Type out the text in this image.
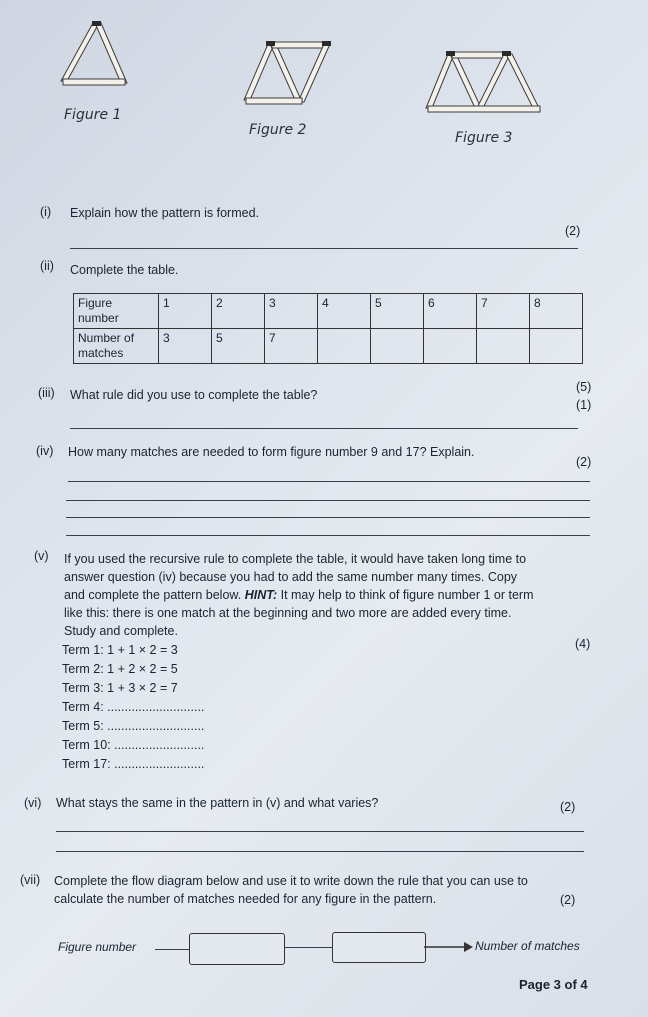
Figure 1
Figure 2	Figure 3
(i) Explain how the pattern is formed.
(2)
(ii) Complete the table.
Figure
number	1	2	3	4	5	6	7	8

Number of
matches	3	5	7					
(5)
(iii) What rule did you use to complete the table?
(1)
(iv) How many matches are needed to form figure number 9 and 17? Explain.
(2)
(v) If you used the recursive rule to complete the table, it would have taken long time to
answer question (iv) because you had to add the same number many times. Copy
and complete the pattern below. HINT: It may help to think of figure number 1 or term
like this: there is one match at the beginning and two more are added every time.
Study and complete.
(4)
Term 1: 1 + 1 × 2 = 3
Term 2: 1 + 2 × 2 = 5
Term 3: 1 + 3 × 2 = 7
Term 4: ............................
Term 5: ............................
Term 10: ..........................
Term 17: ..........................
(vi) What stays the same in the pattern in (v) and what varies?	(2)
(vii) Complete the flow diagram below and use it to write down the rule that you can use to
calculate the number of matches needed for any figure in the pattern.	(2)
Figure number	Number of matches
Page 3 of 4
